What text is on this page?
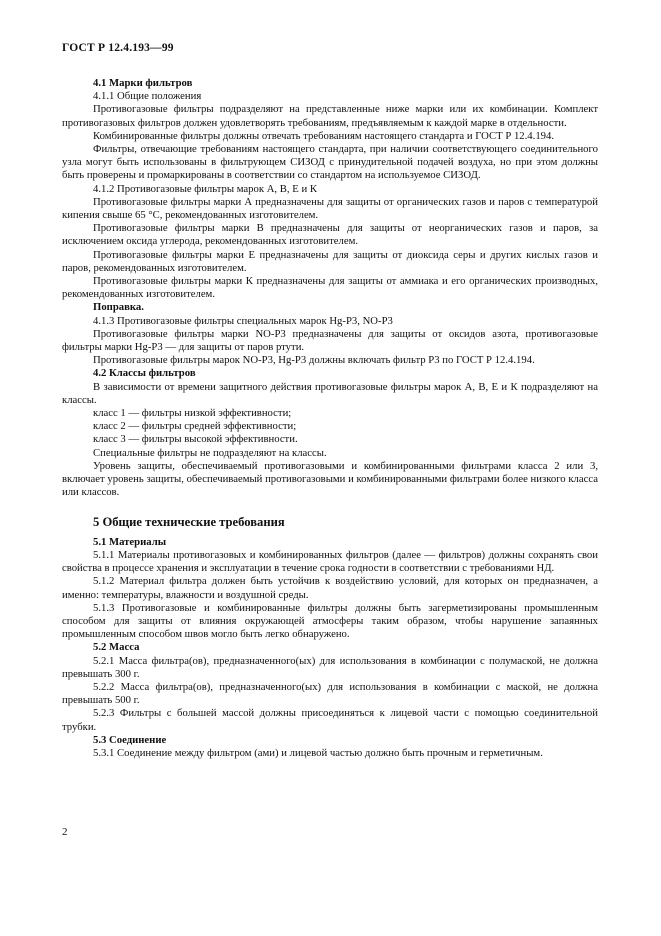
ГОСТ Р 12.4.193—99

4.1 Марки фильтров

4.1.1 Общие положения

Противогазовые фильтры подразделяют на представленные ниже марки или их комбинации. Комплект противогазовых фильтров должен удовлетворять требованиям, предъявляемым к каждой марке в отдельности.

Комбинированные фильтры должны отвечать требованиям настоящего стандарта и ГОСТ Р 12.4.194.

Фильтры, отвечающие требованиям настоящего стандарта, при наличии соответствующего соединительного узла могут быть использованы в фильтрующем СИЗОД с принудительной подачей воздуха, но при этом должны быть проверены и промаркированы в соответствии со стандартом на используемое СИЗОД.

4.1.2 Противогазовые фильтры марок А, В, Е и К

Противогазовые фильтры марки А предназначены для защиты от органических газов и паров с температурой кипения свыше 65 °С, рекомендованных изготовителем.

Противогазовые фильтры марки В предназначены для защиты от неорганических газов и паров, за исключением оксида углерода, рекомендованных изготовителем.

Противогазовые фильтры марки Е предназначены для защиты от диоксида серы и других кислых газов и паров, рекомендованных изготовителем.

Противогазовые фильтры марки К предназначены для защиты от аммиака и его органических производных, рекомендованных изготовителем.

Поправка.

4.1.3 Противогазовые фильтры специальных марок Hg-P3, NO-P3

Противогазовые фильтры марки NO-P3 предназначены для защиты от оксидов азота, противогазовые фильтры марки Hg-P3 — для защиты от паров ртути.

Противогазовые фильтры марок NO-P3, Hg-P3 должны включать фильтр Р3 по ГОСТ Р 12.4.194.

4.2 Классы фильтров

В зависимости от времени защитного действия противогазовые фильтры марок А, В, Е и К подразделяют на классы.

класс 1 — фильтры низкой эффективности;

класс 2 — фильтры средней эффективности;

класс 3 — фильтры высокой эффективности.

Специальные фильтры не подразделяют на классы.

Уровень защиты, обеспечиваемый противогазовыми и комбинированными фильтрами класса 2 или 3, включает уровень защиты, обеспечиваемый противогазовыми и комбинированными фильтрами более низкого класса или классов.

5 Общие технические требования

5.1 Материалы

5.1.1 Материалы противогазовых и комбинированных фильтров (далее — фильтров) должны сохранять свои свойства в процессе хранения и эксплуатации в течение срока годности в соответствии с требованиями НД.

5.1.2 Материал фильтра должен быть устойчив к воздействию условий, для которых он предназначен, а именно: температуры, влажности и воздушной среды.

5.1.3 Противогазовые и комбинированные фильтры должны быть загерметизированы промышленным способом для защиты от влияния окружающей атмосферы таким образом, чтобы нарушение запаянных промышленным способом швов могло быть легко обнаружено.

5.2 Масса

5.2.1 Масса фильтра(ов), предназначенного(ых) для использования в комбинации с полумаской, не должна превышать 300 г.

5.2.2 Масса фильтра(ов), предназначенного(ых) для использования в комбинации с маской, не должна превышать 500 г.

5.2.3 Фильтры с большей массой должны присоединяться к лицевой части с помощью соединительной трубки.

5.3 Соединение

5.3.1 Соединение между фильтром (ами) и лицевой частью должно быть прочным и герметичным.

2
